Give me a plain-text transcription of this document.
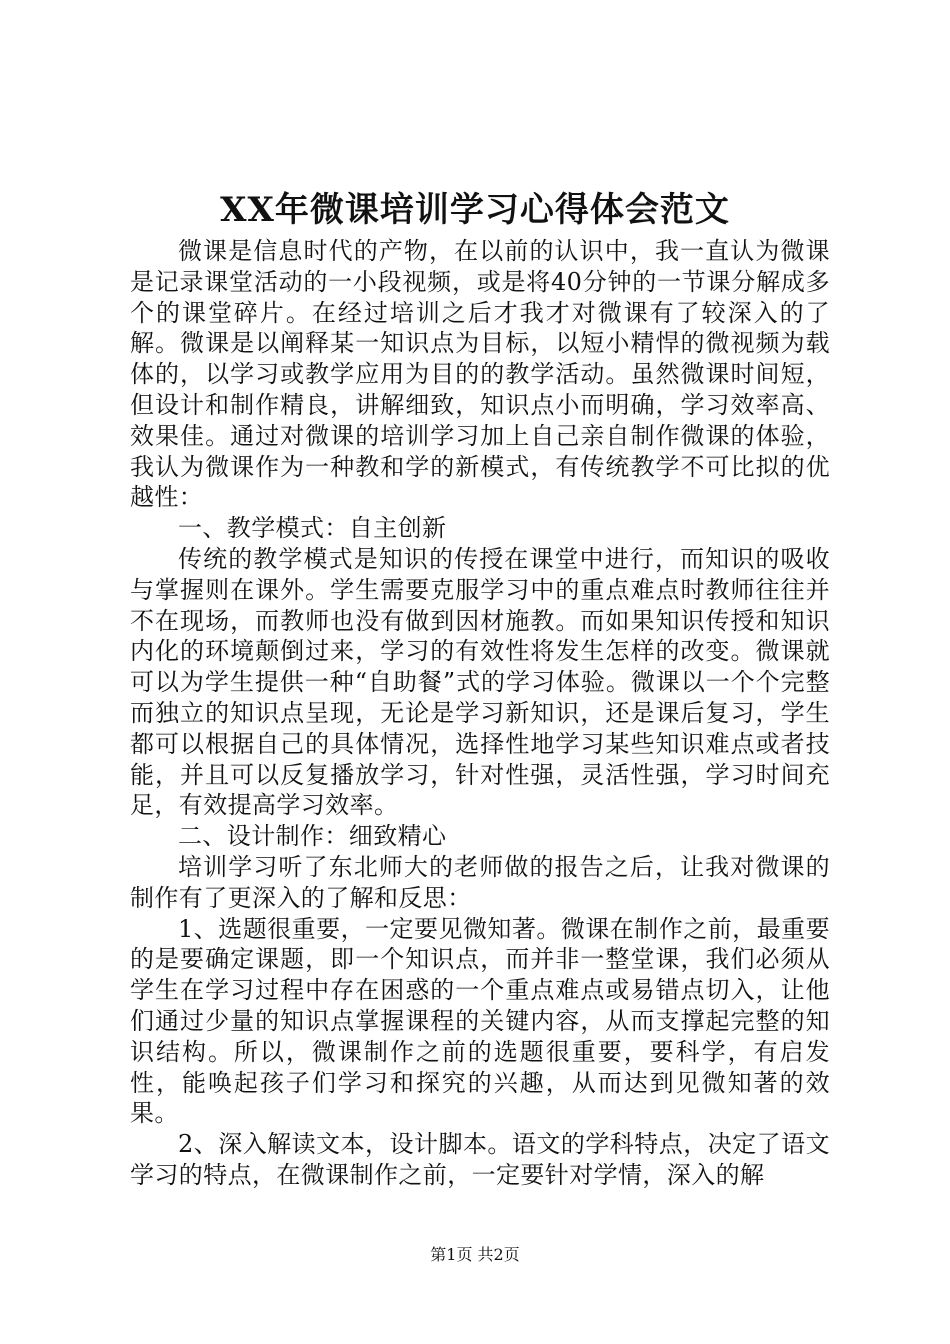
XX年微课培训学习心得体会范文

微课是信息时代的产物，在以前的认识中，我一直认为微课是记录课堂活动的一小段视频，或是将40分钟的一节课分解成多个的课堂碎片。在经过培训之后才我才对微课有了较深入的了解。微课是以阐释某一知识点为目标，以短小精悍的微视频为载体的，以学习或教学应用为目的的教学活动。虽然微课时间短，但设计和制作精良，讲解细致，知识点小而明确，学习效率高、效果佳。通过对微课的培训学习加上自己亲自制作微课的体验，我认为微课作为一种教和学的新模式，有传统教学不可比拟的优越性：

一、教学模式：自主创新

传统的教学模式是知识的传授在课堂中进行，而知识的吸收与掌握则在课外。学生需要克服学习中的重点难点时教师往往并不在现场，而教师也没有做到因材施教。而如果知识传授和知识内化的环境颠倒过来，学习的有效性将发生怎样的改变。微课就可以为学生提供一种“自助餐”式的学习体验。微课以一个个完整而独立的知识点呈现，无论是学习新知识，还是课后复习，学生都可以根据自己的具体情况，选择性地学习某些知识难点或者技能，并且可以反复播放学习，针对性强，灵活性强，学习时间充足，有效提高学习效率。

二、设计制作：细致精心

培训学习听了东北师大的老师做的报告之后，让我对微课的制作有了更深入的了解和反思：

1、选题很重要，一定要见微知著。微课在制作之前，最重要的是要确定课题，即一个知识点，而并非一整堂课，我们必须从学生在学习过程中存在困惑的一个重点难点或易错点切入，让他们通过少量的知识点掌握课程的关键内容，从而支撑起完整的知识结构。所以，微课制作之前的选题很重要，要科学，有启发性，能唤起孩子们学习和探究的兴趣，从而达到见微知著的效果。

2、深入解读文本，设计脚本。语文的学科特点，决定了语文学习的特点，在微课制作之前，一定要针对学情，深入的解

第1页 共2页
